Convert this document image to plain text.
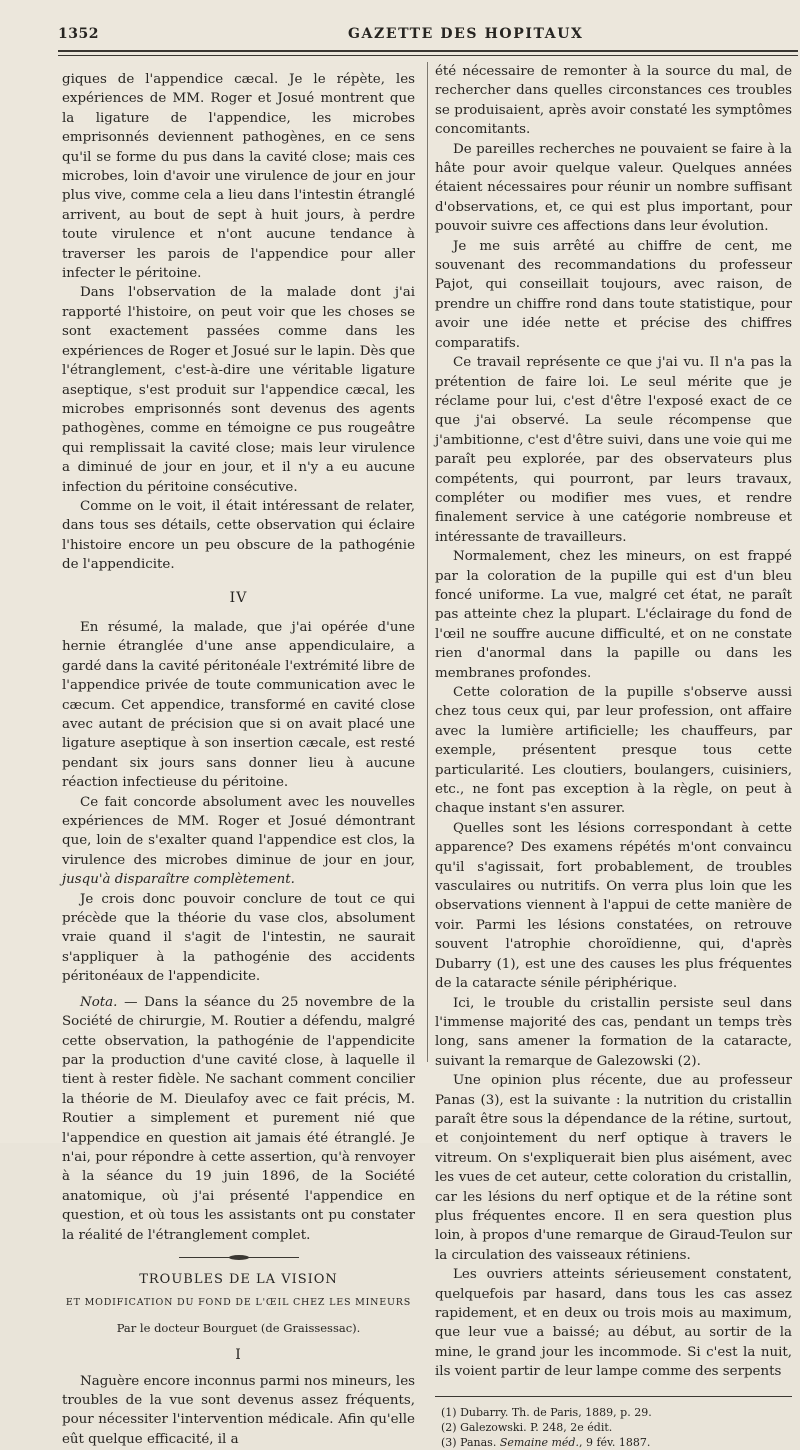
1352	GAZETTE DES HOPITAUX

giques de l'appendice cæcal. Je le répète, les expériences de MM. Roger et Josué montrent que la ligature de l'appendice, les microbes emprisonnés deviennent pathogènes, en ce sens qu'il se forme du pus dans la cavité close; mais ces microbes, loin d'avoir une virulence de jour en jour plus vive, comme cela a lieu dans l'intestin étranglé arrivent, au bout de sept à huit jours, à perdre toute virulence et n'ont aucune tendance à traverser les parois de l'appendice pour aller infecter le péritoine.

Dans l'observation de la malade dont j'ai rapporté l'histoire, on peut voir que les choses se sont exactement passées comme dans les expériences de Roger et Josué sur le lapin. Dès que l'étranglement, c'est-à-dire une véritable ligature aseptique, s'est produit sur l'appendice cæcal, les microbes emprisonnés sont devenus des agents pathogènes, comme en témoigne ce pus rougeâtre qui remplissait la cavité close; mais leur virulence a diminué de jour en jour, et il n'y a eu aucune infection du péritoine consécutive.

Comme on le voit, il était intéressant de relater, dans tous ses détails, cette observation qui éclaire l'histoire encore un peu obscure de la pathogénie de l'appendicite.

IV

En résumé, la malade, que j'ai opérée d'une hernie étranglée d'une anse appendiculaire, a gardé dans la cavité péritonéale l'extrémité libre de l'appendice privée de toute communication avec le cæcum. Cet appendice, transformé en cavité close avec autant de précision que si on avait placé une ligature aseptique à son insertion cæcale, est resté pendant six jours sans donner lieu à aucune réaction infectieuse du péritoine.

Ce fait concorde absolument avec les nouvelles expériences de MM. Roger et Josué démontrant que, loin de s'exalter quand l'appendice est clos, la virulence des microbes diminue de jour en jour, jusqu'à disparaître complètement.

Je crois donc pouvoir conclure de tout ce qui précède que la théorie du vase clos, absolument vraie quand il s'agit de l'intestin, ne saurait s'appliquer à la pathogénie des accidents péritonéaux de l'appendicite.

Nota. — Dans la séance du 25 novembre de la Société de chirurgie, M. Routier a défendu, malgré cette observation, la pathogénie de l'appendicite par la production d'une cavité close, à laquelle il tient à rester fidèle. Ne sachant comment concilier la théorie de M. Dieulafoy avec ce fait précis, M. Routier a simplement et purement nié que l'appendice en question ait jamais été étranglé. Je n'ai, pour répondre à cette assertion, qu'à renvoyer à la séance du 19 juin 1896, de la Société anatomique, où j'ai présenté l'appendice en question, et où tous les assistants ont pu constater la réalité de l'étranglement complet.

TROUBLES DE LA VISION
ET MODIFICATION DU FOND DE L'ŒIL CHEZ LES MINEURS
Par le docteur Bourguet (de Graissessac).
I

Naguère encore inconnus parmi nos mineurs, les troubles de la vue sont devenus assez fréquents, pour nécessiter l'intervention médicale. Afin qu'elle eût quelque efficacité, il a

été nécessaire de remonter à la source du mal, de rechercher dans quelles circonstances ces troubles se produisaient, après avoir constaté les symptômes concomitants.

De pareilles recherches ne pouvaient se faire à la hâte pour avoir quelque valeur. Quelques années étaient nécessaires pour réunir un nombre suffisant d'observations, et, ce qui est plus important, pour pouvoir suivre ces affections dans leur évolution.

Je me suis arrêté au chiffre de cent, me souvenant des recommandations du professeur Pajot, qui conseillait toujours, avec raison, de prendre un chiffre rond dans toute statistique, pour avoir une idée nette et précise des chiffres comparatifs.

Ce travail représente ce que j'ai vu. Il n'a pas la prétention de faire loi. Le seul mérite que je réclame pour lui, c'est d'être l'exposé exact de ce que j'ai observé. La seule récompense que j'ambitionne, c'est d'être suivi, dans une voie qui me paraît peu explorée, par des observateurs plus compétents, qui pourront, par leurs travaux, compléter ou modifier mes vues, et rendre finalement service à une catégorie nombreuse et intéressante de travailleurs.

Normalement, chez les mineurs, on est frappé par la coloration de la pupille qui est d'un bleu foncé uniforme. La vue, malgré cet état, ne paraît pas atteinte chez la plupart. L'éclairage du fond de l'œil ne souffre aucune difficulté, et on ne constate rien d'anormal dans la papille ou dans les membranes profondes.

Cette coloration de la pupille s'observe aussi chez tous ceux qui, par leur profession, ont affaire avec la lumière artificielle; les chauffeurs, par exemple, présentent presque tous cette particularité. Les cloutiers, boulangers, cuisiniers, etc., ne font pas exception à la règle, on peut à chaque instant s'en assurer.

Quelles sont les lésions correspondant à cette apparence? Des examens répétés m'ont convaincu qu'il s'agissait, fort probablement, de troubles vasculaires ou nutritifs. On verra plus loin que les observations viennent à l'appui de cette manière de voir. Parmi les lésions constatées, on retrouve souvent l'atrophie choroïdienne, qui, d'après Dubarry (1), est une des causes les plus fréquentes de la cataracte sénile périphérique.

Ici, le trouble du cristallin persiste seul dans l'immense majorité des cas, pendant un temps très long, sans amener la formation de la cataracte, suivant la remarque de Galezowski (2).

Une opinion plus récente, due au professeur Panas (3), est la suivante : la nutrition du cristallin paraît être sous la dépendance de la rétine, surtout, et conjointement du nerf optique à travers le vitreum. On s'expliquerait bien plus aisément, avec les vues de cet auteur, cette coloration du cristallin, car les lésions du nerf optique et de la rétine sont plus fréquentes encore. Il en sera question plus loin, à propos d'une remarque de Giraud-Teulon sur la circulation des vaisseaux rétiniens.

Les ouvriers atteints sérieusement constatent, quelquefois par hasard, dans tous les cas assez rapidement, et en deux ou trois mois au maximum, que leur vue a baissé; au début, au sortir de la mine, le grand jour les incommode. Si c'est la nuit, ils voient partir de leur lampe comme des serpents

(1) Dubarry. Th. de Paris, 1889, p. 29.

(2) Galezowski. P. 248, 2e édit.

(3) Panas. Semaine méd., 9 fév. 1887.
